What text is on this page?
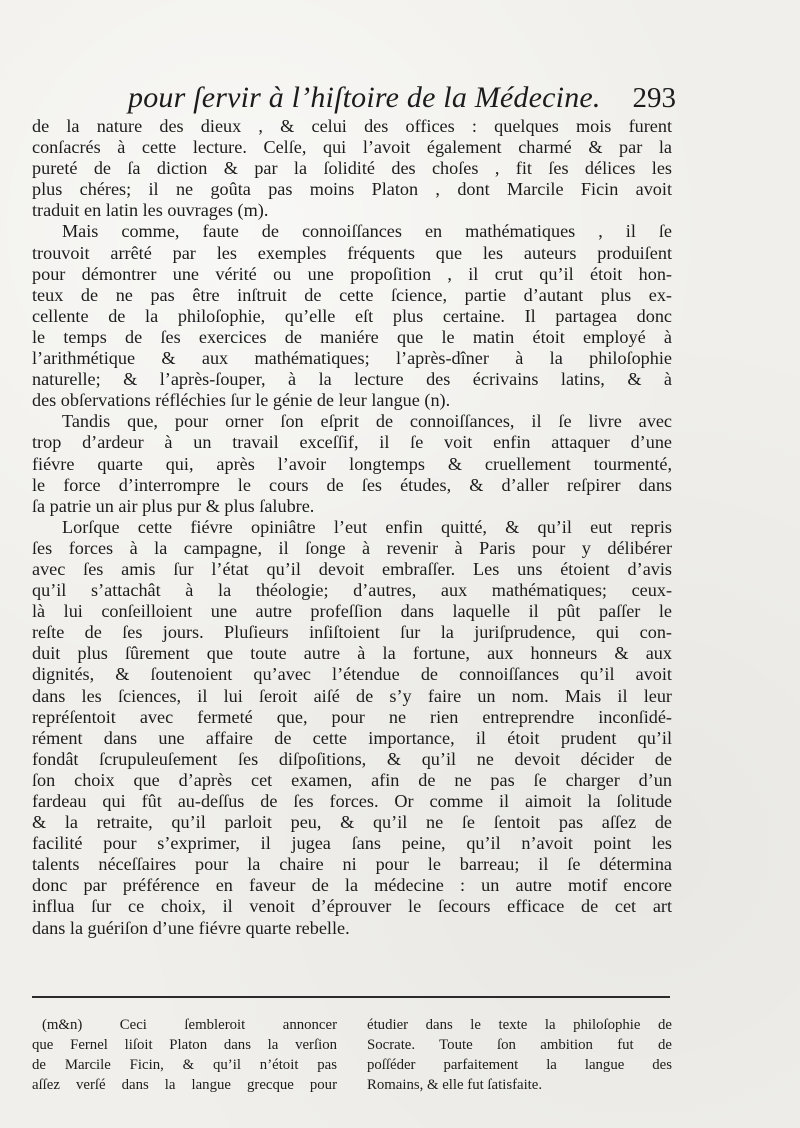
pour ſervir à l’hiſtoire de la Médecine.	293
de la nature des dieux , & celui des offices : quelques mois furent
conſacrés à cette lecture. Celſe, qui l’avoit également charmé & par la
pureté de ſa diction & par la ſolidité des choſes , fit ſes délices les
plus chéres; il ne goûta pas moins Platon , dont Marcile Ficin avoit
traduit en latin les ouvrages (m).
Mais comme, faute de connoiſſances en mathématiques , il ſe
trouvoit arrêté par les exemples fréquents que les auteurs produiſent
pour démontrer une vérité ou une propoſition , il crut qu’il étoit hon-
teux de ne pas être inſtruit de cette ſcience, partie d’autant plus ex-
cellente de la philoſophie, qu’elle eſt plus certaine. Il partagea donc
le temps de ſes exercices de maniére que le matin étoit employé à
l’arithmétique & aux mathématiques; l’après-dîner à la philoſophie
naturelle; & l’après-ſouper, à la lecture des écrivains latins, & à
des obſervations réfléchies ſur le génie de leur langue (n).
Tandis que, pour orner ſon eſprit de connoiſſances, il ſe livre avec
trop d’ardeur à un travail exceſſif, il ſe voit enfin attaquer d’une
fiévre quarte qui, après l’avoir longtemps & cruellement tourmenté,
le force d’interrompre le cours de ſes études, & d’aller reſpirer dans
ſa patrie un air plus pur & plus ſalubre.
Lorſque cette fiévre opiniâtre l’eut enfin quitté, & qu’il eut repris
ſes forces à la campagne, il ſonge à revenir à Paris pour y délibérer
avec ſes amis ſur l’état qu’il devoit embraſſer. Les uns étoient d’avis
qu’il s’attachât à la théologie; d’autres, aux mathématiques; ceux-
là lui conſeilloient une autre profeſſion dans laquelle il pût paſſer le
reſte de ſes jours. Pluſieurs inſiſtoient ſur la juriſprudence, qui con-
duit plus ſûrement que toute autre à la fortune, aux honneurs & aux
dignités, & ſoutenoient qu’avec l’étendue de connoiſſances qu’il avoit
dans les ſciences, il lui ſeroit aiſé de s’y faire un nom. Mais il leur
repréſentoit avec fermeté que, pour ne rien entreprendre inconſidé-
rément dans une affaire de cette importance, il étoit prudent qu’il
fondât ſcrupuleuſement ſes diſpoſitions, & qu’il ne devoit décider de
ſon choix que d’après cet examen, afin de ne pas ſe charger d’un
fardeau qui fût au-deſſus de ſes forces. Or comme il aimoit la ſolitude
& la retraite, qu’il parloit peu, & qu’il ne ſe ſentoit pas aſſez de
facilité pour s’exprimer, il jugea ſans peine, qu’il n’avoit point les
talents néceſſaires pour la chaire ni pour le barreau; il ſe détermina
donc par préférence en faveur de la médecine : un autre motif encore
influa ſur ce choix, il venoit d’éprouver le ſecours efficace de cet art
dans la guériſon d’une fiévre quarte rebelle.
(m&n) Ceci ſembleroit annoncer
que Fernel liſoit Platon dans la verſion
de Marcile Ficin, & qu’il n’étoit pas
aſſez verſé dans la langue grecque pour
étudier dans le texte la philoſophie de
Socrate. Toute ſon ambition fut de
poſſéder parfaitement la langue des
Romains, & elle fut ſatisfaite.
